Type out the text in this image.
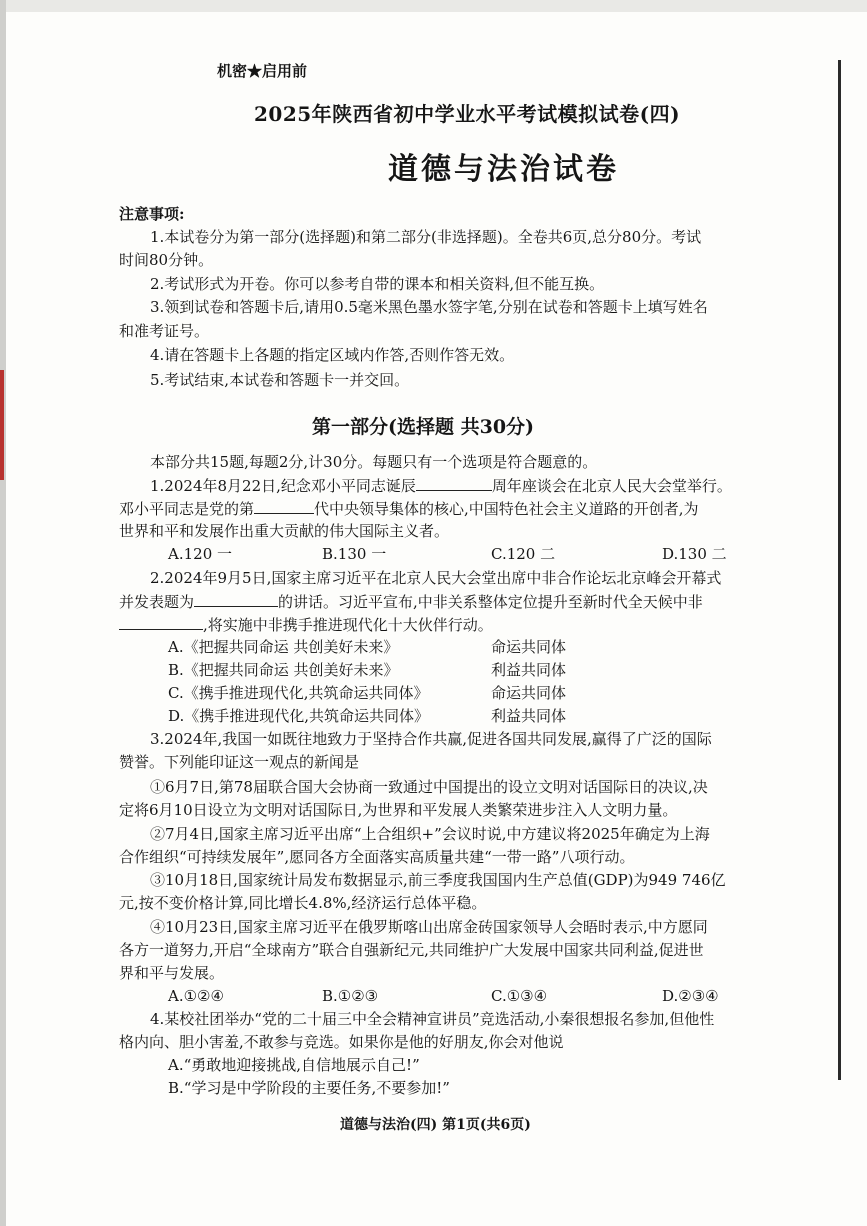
机密★启用前
2025年陕西省初中学业水平考试模拟试卷(四)
道德与法治试卷
注意事项:
1.本试卷分为第一部分(选择题)和第二部分(非选择题)。全卷共6页,总分80分。考试
时间80分钟。
2.考试形式为开卷。你可以参考自带的课本和相关资料,但不能互换。
3.领到试卷和答题卡后,请用0.5毫米黑色墨水签字笔,分别在试卷和答题卡上填写姓名
和准考证号。
4.请在答题卡上各题的指定区域内作答,否则作答无效。
5.考试结束,本试卷和答题卡一并交回。
第一部分(选择题 共30分)
本部分共15题,每题2分,计30分。每题只有一个选项是符合题意的。
1.2024年8月22日,纪念邓小平同志诞辰	周年座谈会在北京人民大会堂举行。
邓小平同志是党的第	代中央领导集体的核心,中国特色社会主义道路的开创者,为
世界和平和发展作出重大贡献的伟大国际主义者。
A.120 一	B.130 一	C.120 二	D.130 二
2.2024年9月5日,国家主席习近平在北京人民大会堂出席中非合作论坛北京峰会开幕式
并发表题为	的讲话。习近平宣布,中非关系整体定位提升至新时代全天候中非
,将实施中非携手推进现代化十大伙伴行动。
A.《把握共同命运 共创美好未来》	命运共同体
B.《把握共同命运 共创美好未来》	利益共同体
C.《携手推进现代化,共筑命运共同体》	命运共同体
D.《携手推进现代化,共筑命运共同体》	利益共同体
3.2024年,我国一如既往地致力于坚持合作共赢,促进各国共同发展,赢得了广泛的国际
赞誉。下列能印证这一观点的新闻是
①6月7日,第78届联合国大会协商一致通过中国提出的设立文明对话国际日的决议,决
定将6月10日设立为文明对话国际日,为世界和平发展人类繁荣进步注入人文明力量。
②7月4日,国家主席习近平出席“上合组织+”会议时说,中方建议将2025年确定为上海
合作组织“可持续发展年”,愿同各方全面落实高质量共建“一带一路”八项行动。
③10月18日,国家统计局发布数据显示,前三季度我国国内生产总值(GDP)为949 746亿
元,按不变价格计算,同比增长4.8%,经济运行总体平稳。
④10月23日,国家主席习近平在俄罗斯喀山出席金砖国家领导人会晤时表示,中方愿同
各方一道努力,开启“全球南方”联合自强新纪元,共同维护广大发展中国家共同利益,促进世
界和平与发展。
A.①②④	B.①②③	C.①③④	D.②③④
4.某校社团举办“党的二十届三中全会精神宣讲员”竞选活动,小秦很想报名参加,但他性
格内向、胆小害羞,不敢参与竞选。如果你是他的好朋友,你会对他说
A.“勇敢地迎接挑战,自信地展示自己!”
B.“学习是中学阶段的主要任务,不要参加!”
道德与法治(四) 第1页(共6页)
